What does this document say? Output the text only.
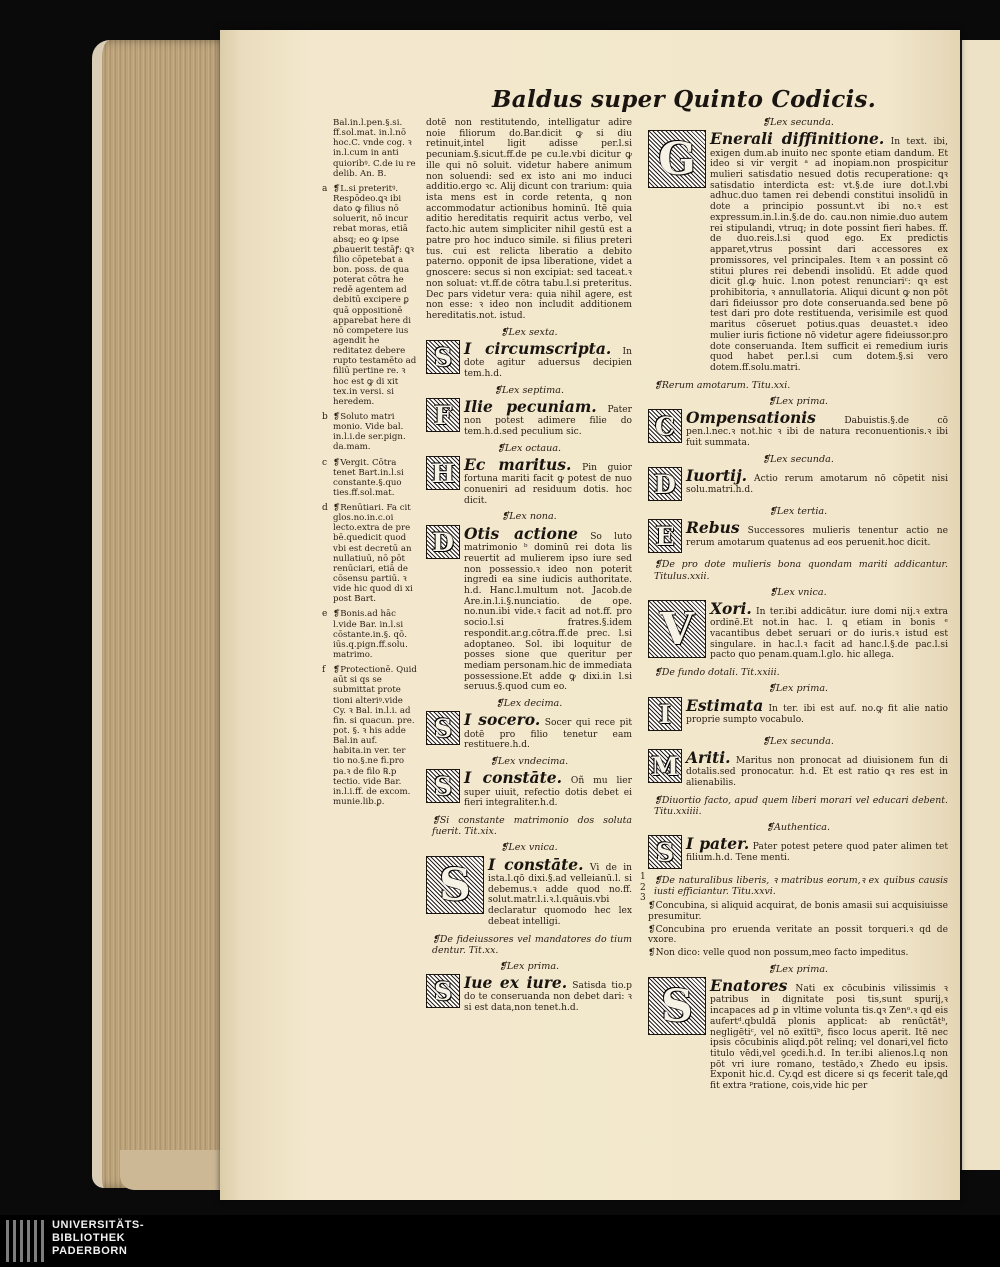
Baldus super Quinto Codicis.
Bal.in.l.pen.§.si. ff.sol.mat. in.l.nō hoc.C. vnde cog. ꝛ in.l.cum in anti quioribꝰ. C.de iu re delib. An. B.
a ❡L.si preteritꝰ. Respōdeo.ꝗꝛ ibi dato ꝙ filius nō soluerit, nō incur rebat moras, etiā absq; eo ꝙ ipse ꝓbauerit testāꝭ: ꝗꝛ filio cōpetebat a bon. poss. de qua poterat cōtra he redē agentem ad debitū excipere ꝑ quā oppositionē apparebat here di nō competere ius agendit he reditatez debere rupto testamēto ad filiū pertine re. ꝛ hoc est ꝙ di xit tex.in versi. si heredem.
b ❡Soluto matri monio. Vide bal. in.l.i.de ser.pign. da.mam.
c ❡Vergit. Cōtra tenet Bart.in.l.si constante.§.quo ties.ff.sol.mat.
d ❡Renūtiari. Fa cit glos.no.in.c.oi lecto.extra de pre bē.quedicit quod vbi est decretū an nullatiuū, nō pōt renūciari, etiā de cōsensu partiū. ꝛ vide hic quod di xi post Bart.
e ❡Bonis.ad hāc l.vide Bar. in.l.si cōstante.in.§. qō. iūs.q.pign.ff.solu. matrimo.
f ❡Protectionē. Quid aūt si qs se submittat prote tioni alteriꝰ.vide Cy. ꝛ Bal. in.l.i. ad fin. si quacun. pre. pot. §. ꝛ his adde Bal.in auf. habita.in ver. ter tio no.§.ne fi.pro pa.ꝛ de filo ℞.p tectio. vide Bar. in.l.i.ff. de excom. munie.lib.ꝑ.
dotē non restitutendo, intelligatur adire noie filiorum do.Bar.dicit ꝙ si diu retinuit,intel ligit adisse per.l.si pecuniam.§.sicut.ff.de pe cu.le.vbi dicitur ꝙ ille qui nō soluit. videtur habere animum non soluendi: sed ex isto ani mo induci additio.ergo ꝛc. Alij dicunt con trarium: quia ista mens est in corde retenta, ꝗ non accommodatur actionibus hominū. Itē quia aditio hereditatis requirit actus verbo, vel facto.hic autem simpliciter nihil gestū est a patre pro hoc induco simile. si filius preteri tus. cui est relicta liberatio a debito paterno. opponit de ipsa liberatione, videt a gnoscere: secus si non excipiat: sed taceat.ꝛ non soluat: vt.ff.de cōtra tabu.l.si preteritus. Dec pars videtur vera: quia nihil agere, est non esse: ꝛ ideo non includit additionem hereditatis.not. istud.
❡Lex sexta.
S I circumscripta. In dote agitur aduersus decipien tem.h.d.
❡Lex septima.
F Ilie pecuniam. Pater non potest adimere filie do tem.h.d.sed peculium sic.
❡Lex octaua.
H Ec maritus. Pin guior fortuna mariti facit ꝙ potest de nuo conueniri ad residuum dotis. hoc dicit.
❡Lex nona.
D Otis actione So luto matrimonio ᵇ dominū rei dota lis reuertit ad mulierem ipso iure sed non possessio.ꝛ ideo non poterit ingredi ea sine iudicis authoritate. h.d. Hanc.l.multum not. Jacob.de Are.in.l.i.§.nunciatio. de ope. no.nun.ibi vide.ꝛ facit ad not.ff. pro socio.l.si fratres.§.idem respondit.ar.g.cōtra.ff.de prec. l.si adoptaneo. Sol. ibi loquitur de posses sione que queritur per mediam personam.hic de immediata possessione.Et adde ꝙ dixi.in l.si seruus.§.quod cum eo.
❡Lex decima.
S I socero. Socer qui rece pit dotē pro filio tenetur eam restituere.h.d.
❡Lex vndecima.
S I constāte. Oñ mu lier super uiuit, refectio dotis debet ei fieri integraliter.h.d.
❡Si constante matrimonio dos soluta fuerit. Tit.xix.
❡Lex vnica.
S	I constāte. Vi de in ista.l.qō dixi.§.ad velleianū.l. si debemus.ꝛ adde quod no.ff. solut.matr.l.i.ꝛ.l.quāuis.vbi declaratur quomodo hec lex debeat intelligi.
❡De fideiussores vel mandatores do tium dentur. Tit.xx.
❡Lex prima.
S Iue ex iure. Satisda tio.p do te conseruanda non debet dari: ꝛ si est data,non tenet.h.d.
❡Lex secunda.
G Enerali diffinitione. In text. ibi, exigen dum.ab inuito nec sponte etiam dandum. Et ideo si vir vergit ᵃ ad inopiam.non prospicitur mulieri satisdatio nesued dotis recuperatione: ꝗꝛ satisdatio interdicta est: vt.§.de iure dot.l.vbi adhuc.duo tamen rei debendi constitui insolidū in dote a principio possunt.vt ibi no.ꝛ est expressum.in.l.in.§.de do. cau.non nimie.duo autem rei stipulandi, vtruq; in dote possint fieri habes. ff. de duo.reis.l.si quod ego. Ex predictis apparet,vtrus possint dari accessores ex promissores, vel principales. Item ꝛ an possint cō stitui plures rei debendi insolidū. Et adde quod dicit gl.ꝙ huic. l.non potest renunciariᶜ: ꝗꝛ est prohibitoria, ꝛ annullatoria. Aliqui dicunt ꝙ non pōt dari fideiussor pro dote conseruanda.sed bene pō test dari pro dote restituenda, verisimile est quod maritus cōseruet potius.quas deuastet.ꝛ ideo mulier iuris fictione nō videtur agere fideiussor.pro dote conseruanda. Item sufficit ei remedium iuris quod habet per.l.si cum dotem.§.si vero dotem.ff.solu.matri.
❡Rerum amotarum. Titu.xxi.
❡Lex prima.
C Ompensationis	Dabuistis.§.de cō pen.l.nec.ꝛ not.hic ꝛ ibi de natura reconuentionis.ꝛ ibi fuit summata.
❡Lex secunda.
D Iuortij. Actio rerum amotarum nō cōpetit nisi solu.matri.h.d.
❡Lex tertia.
E Rebus Successores mulieris tenentur actio ne rerum amotarum quatenus ad eos peruenit.hoc dicit.
❡De pro dote mulieris bona quondam mariti addicantur. Titulus.xxii.
❡Lex vnica.
V	Xori. In ter.ibi addicātur. iure domi nij.ꝛ extra ordinē.Et not.in hac. l. ꝗ etiam in bonis ᵉ vacantibus debet seruari or do iuris.ꝛ istud est singulare. in hac.l.ꝛ facit ad hanc.l.§.de pac.l.si pacto quo penam.quam.l.glo. hic allega.
❡De fundo dotali. Tit.xxiii.
❡Lex prima.
I Estimata In ter. ibi est auf. no.ꝙ fit alie natio proprie sumpto vocabulo.
❡Lex secunda.
M Ariti. Maritus non pronocat ad diuisionem fun di dotalis.sed pronocatur. h.d. Et est ratio ꝗꝛ res est in alienabilis.
❡Diuortio facto, apud quem liberi morari vel educari debent. Titu.xxiiii.
❡Authentica.
S I pater. Pater potest petere quod pater alimen tet filium.h.d. Tene menti.
❡De naturalibus liberis, ꝛ matribus eorum,ꝛ ex quibus causis iusti efficiantur. Titu.xxvi.
❡Concubina, si aliquid acquirat, de bonis amasii sui acquisiuisse presumitur.
❡Concubina pro eruenda veritate an possit torqueri.ꝛ qd de vxore.
❡Non dico: velle quod non possum,meo facto impeditus.
❡Lex prima.
S	Enatores Nati ex cōcubinis vilissimis ꝛ patribus in dignitate posi tis,sunt spurij,ꝛ incapaces ad ꝑ in vltime volunta tis.ꝗꝛ Zenᵒ.ꝛ qd eis aufertᵈ.qbuldā plonis applicat: ab renūctātᵇ, negligētiᶜ, vel nō exīttīᵇ, fisco locus aperit. Itē nec ipsis cōcubinis aliqd.pōt relinq; vel donari,vel ficto titulo vēdi,vel ꝯcedi.h.d. In ter.ibi alienos.l.q non pōt vri iure romano, testādo,ꝛ Zhedo eu ipsis. Exponit hic.d. Cy.ꝗd est dicere si qs fecerit tale,ꝗd fit extra ᵖratione, cois,vide hic per
1
2
3
UNIVERSITÄTS-
BIBLIOTHEK
PADERBORN
